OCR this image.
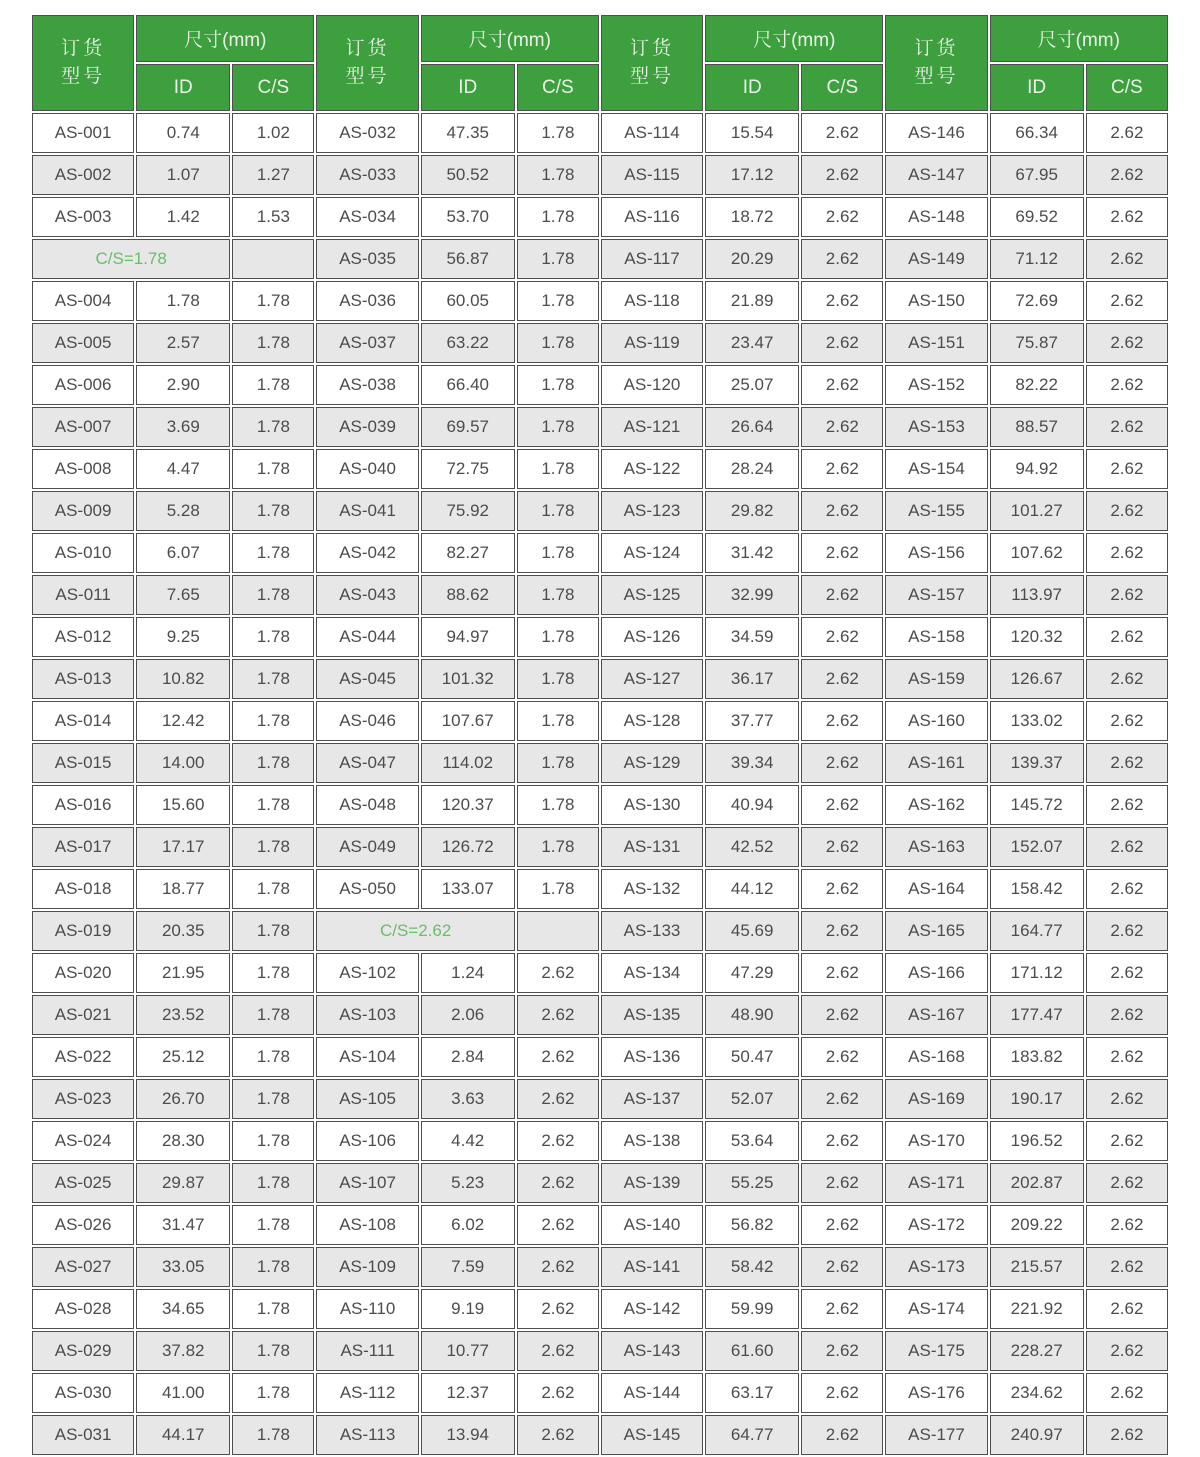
订货型号	尺寸(mm)		订货型号	尺寸(mm)		订货型号	尺寸(mm)		订货型号	尺寸(mm)	
	ID	C/S		ID	C/S		ID	C/S		ID	C/S
AS-001	0.74	1.02	AS-032	47.35	1.78	AS-114	15.54	2.62	AS-146	66.34	2.62
AS-002	1.07	1.27	AS-033	50.52	1.78	AS-115	17.12	2.62	AS-147	67.95	2.62
AS-003	1.42	1.53	AS-034	53.70	1.78	AS-116	18.72	2.62	AS-148	69.52	2.62
C/S=1.78			AS-035	56.87	1.78	AS-117	20.29	2.62	AS-149	71.12	2.62
AS-004	1.78	1.78	AS-036	60.05	1.78	AS-118	21.89	2.62	AS-150	72.69	2.62
AS-005	2.57	1.78	AS-037	63.22	1.78	AS-119	23.47	2.62	AS-151	75.87	2.62
AS-006	2.90	1.78	AS-038	66.40	1.78	AS-120	25.07	2.62	AS-152	82.22	2.62
AS-007	3.69	1.78	AS-039	69.57	1.78	AS-121	26.64	2.62	AS-153	88.57	2.62
AS-008	4.47	1.78	AS-040	72.75	1.78	AS-122	28.24	2.62	AS-154	94.92	2.62
AS-009	5.28	1.78	AS-041	75.92	1.78	AS-123	29.82	2.62	AS-155	101.27	2.62
AS-010	6.07	1.78	AS-042	82.27	1.78	AS-124	31.42	2.62	AS-156	107.62	2.62
AS-011	7.65	1.78	AS-043	88.62	1.78	AS-125	32.99	2.62	AS-157	113.97	2.62
AS-012	9.25	1.78	AS-044	94.97	1.78	AS-126	34.59	2.62	AS-158	120.32	2.62
AS-013	10.82	1.78	AS-045	101.32	1.78	AS-127	36.17	2.62	AS-159	126.67	2.62
AS-014	12.42	1.78	AS-046	107.67	1.78	AS-128	37.77	2.62	AS-160	133.02	2.62
AS-015	14.00	1.78	AS-047	114.02	1.78	AS-129	39.34	2.62	AS-161	139.37	2.62
AS-016	15.60	1.78	AS-048	120.37	1.78	AS-130	40.94	2.62	AS-162	145.72	2.62
AS-017	17.17	1.78	AS-049	126.72	1.78	AS-131	42.52	2.62	AS-163	152.07	2.62
AS-018	18.77	1.78	AS-050	133.07	1.78	AS-132	44.12	2.62	AS-164	158.42	2.62
AS-019	20.35	1.78	C/S=2.62			AS-133	45.69	2.62	AS-165	164.77	2.62
AS-020	21.95	1.78	AS-102	1.24	2.62	AS-134	47.29	2.62	AS-166	171.12	2.62
AS-021	23.52	1.78	AS-103	2.06	2.62	AS-135	48.90	2.62	AS-167	177.47	2.62
AS-022	25.12	1.78	AS-104	2.84	2.62	AS-136	50.47	2.62	AS-168	183.82	2.62
AS-023	26.70	1.78	AS-105	3.63	2.62	AS-137	52.07	2.62	AS-169	190.17	2.62
AS-024	28.30	1.78	AS-106	4.42	2.62	AS-138	53.64	2.62	AS-170	196.52	2.62
AS-025	29.87	1.78	AS-107	5.23	2.62	AS-139	55.25	2.62	AS-171	202.87	2.62
AS-026	31.47	1.78	AS-108	6.02	2.62	AS-140	56.82	2.62	AS-172	209.22	2.62
AS-027	33.05	1.78	AS-109	7.59	2.62	AS-141	58.42	2.62	AS-173	215.57	2.62
AS-028	34.65	1.78	AS-110	9.19	2.62	AS-142	59.99	2.62	AS-174	221.92	2.62
AS-029	37.82	1.78	AS-111	10.77	2.62	AS-143	61.60	2.62	AS-175	228.27	2.62
AS-030	41.00	1.78	AS-112	12.37	2.62	AS-144	63.17	2.62	AS-176	234.62	2.62
AS-031	44.17	1.78	AS-113	13.94	2.62	AS-145	64.77	2.62	AS-177	240.97	2.62
